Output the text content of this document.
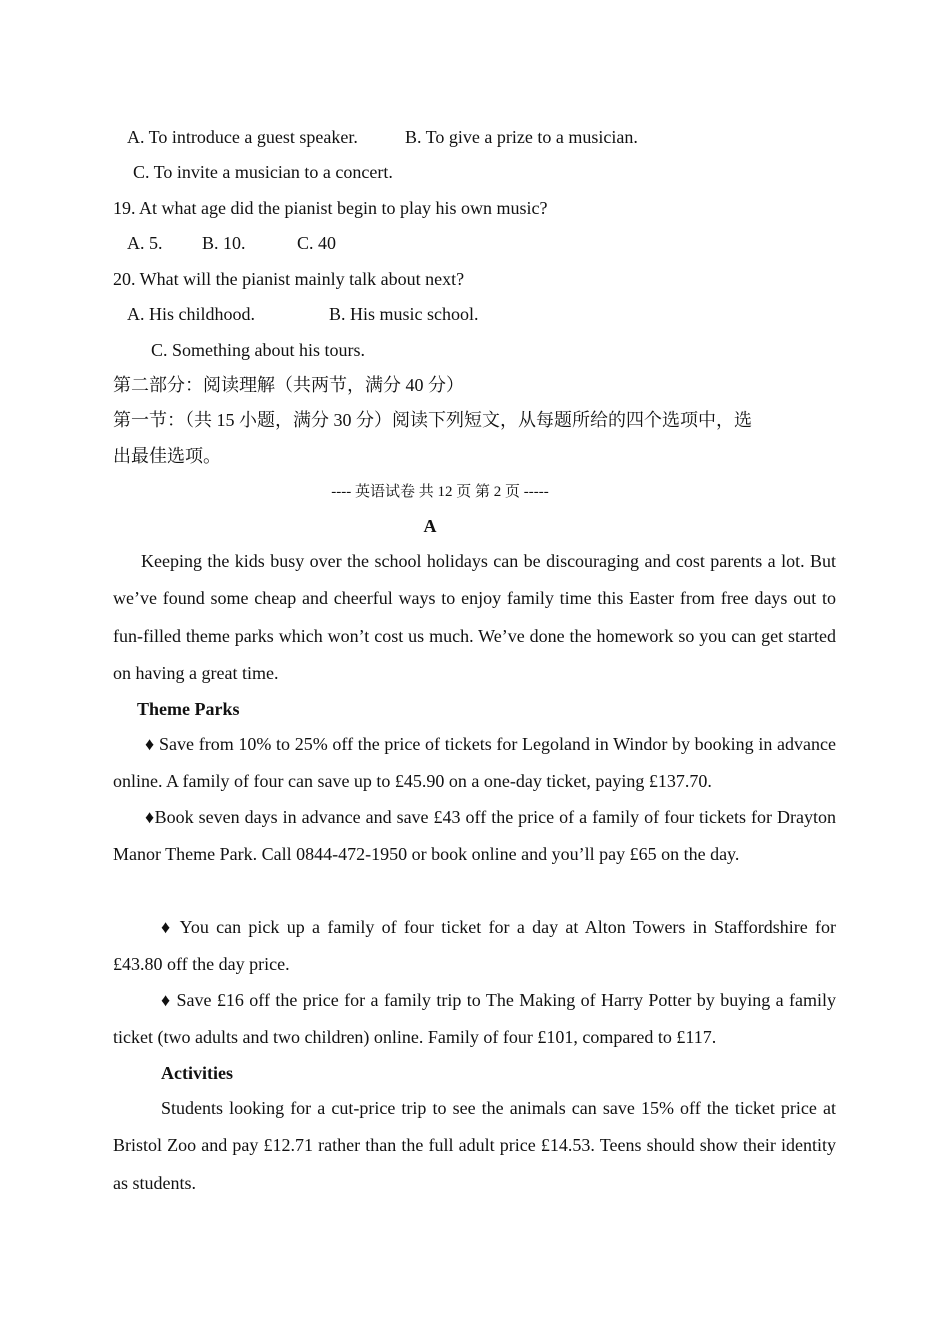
A. To introduce a guest speaker.	B. To give a prize to a musician.
C. To invite a musician to a concert.
19. At what age did the pianist begin to play his own music?
A. 5. B. 10.	C. 40
20. What will the pianist mainly talk about next?
A. His childhood.	B. His music school.
C. Something about his tours.
第二部分：阅读理解（共两节，满分 40 分）
第一节：（共 15 小题，满分 30 分）阅读下列短文，从每题所给的四个选项中，选
出最佳选项。
---- 英语试卷 共 12 页 第 2 页 -----
A
Keeping the kids busy over the school holidays can be discouraging and cost parents a lot. But we’ve found some cheap and cheerful ways to enjoy family time this Easter from free days out to fun-filled theme parks which won’t cost us much. We’ve done the homework so you can get started on having a great time.
Theme Parks
♦ Save from 10% to 25% off the price of tickets for Legoland in Windor by booking in advance online. A family of four can save up to £45.90 on a one-day ticket, paying £137.70.
♦Book seven days in advance and save £43 off the price of a family of four tickets for Drayton Manor Theme Park. Call 0844-472-1950 or book online and you’ll pay £65 on the day.
♦ You can pick up a family of four ticket for a day at Alton Towers in Staffordshire for £43.80 off the day price.
♦ Save £16 off the price for a family trip to The Making of Harry Potter by buying a family ticket (two adults and two children) online. Family of four £101, compared to £117.
Activities
Students looking for a cut-price trip to see the animals can save 15% off the ticket price at Bristol Zoo and pay £12.71 rather than the full adult price £14.53. Teens should show their identity as students.
